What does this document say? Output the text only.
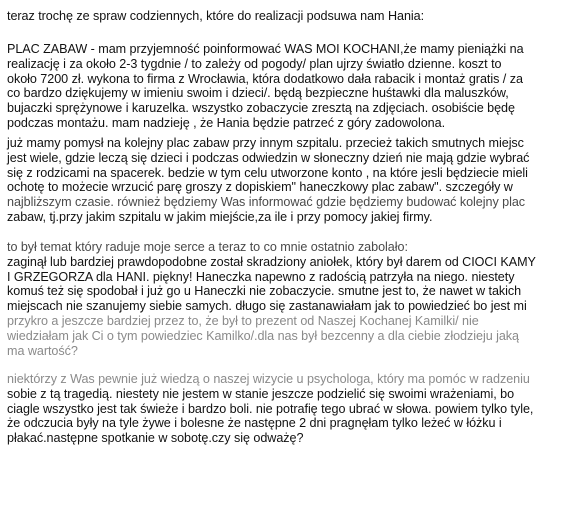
teraz trochę ze spraw codziennych, które do realizacji podsuwa nam Hania:

PLAC ZABAW - mam przyjemność poinformować WAS MOI KOCHANI,że mamy pieniążki na
realizację i za około 2-3 tygdnie / to zależy od pogody/ plan ujrzy światło dzienne. koszt to
około 7200 zł. wykona to firma z Wrocławia, która dodatkowo dała rabacik i montaż gratis / za
co bardzo dziękujemy w imieniu swoim i dzieci/. będą bezpieczne huśtawki dla maluszków,
bujaczki sprężynowe i karuzelka. wszystko zobaczycie zresztą na zdjęciach. osobiście będę
podczas montażu. mam nadzieję , że Hania będzie patrzeć z góry zadowolona.

już mamy pomysł na kolejny plac zabaw przy innym szpitalu. przecież takich smutnych miejsc
jest wiele, gdzie leczą się dzieci i podczas odwiedzin w słoneczny dzień nie mają gdzie wybrać
się z rodzicami na spacerek. bedzie w tym celu utworzone konto , na które jesli będziecie mieli
ochotę to możecie wrzucić parę groszy z dopiskiem" haneczkowy plac zabaw". szczegóły w
najbliższym czasie. również będziemy Was informować gdzie będziemy budować kolejny plac
zabaw, tj.przy jakim szpitalu w jakim miejście,za ile i przy pomocy jakiej firmy.

to był temat który raduje moje serce a teraz to co mnie ostatnio zabolało:
zaginął lub bardziej prawdopodobne został skradziony aniołek, który był darem od CIOCI KAMY
I GRZEGORZA dla HANI. piękny! Haneczka napewno z radością patrzyła na niego. niestety
komuś też się spodobał i już go u Haneczki nie zobaczycie. smutne jest to, że nawet w takich
miejscach nie szanujemy siebie samych. długo się zastanawiałam jak to powiedzieć bo jest mi
przykro a jeszcze bardziej przez to, że był to prezent od Naszej Kochanej Kamilki/ nie
wiedziałam jak Ci o tym powiedziec Kamilko/.dla nas był bezcenny a dla ciebie złodzieju jaką
ma wartość?

niektórzy z Was pewnie już wiedzą o naszej wizycie u psychologa, który ma pomóc w radzeniu
sobie z tą tragedią. niestety nie jestem w stanie jeszcze podzielić się swoimi wrażeniami, bo
ciagle wszystko jest tak świeże i bardzo boli. nie potrafię tego ubrać w słowa. powiem tylko tyle,
że odczucia były na tyle żywe i bolesne że następne 2 dni pragnęłam tylko leżeć w łóżku i
płakać.następne spotkanie w sobotę.czy się odważę?
